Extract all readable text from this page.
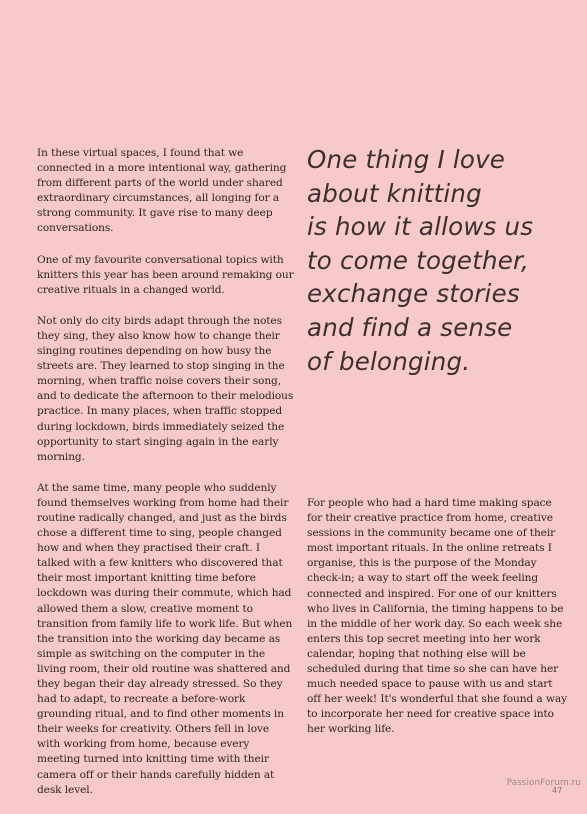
In these virtual spaces, I found that we connected in a more intentional way, gathering from different parts of the world under shared extraordinary circumstances, all longing for a strong community. It gave rise to many deep conversations.

One of my favourite conversational topics with knitters this year has been around remaking our creative rituals in a changed world.

Not only do city birds adapt through the notes they sing, they also know how to change their singing routines depending on how busy the streets are. They learned to stop singing in the morning, when traffic noise covers their song, and to dedicate the afternoon to their melodious practice. In many places, when traffic stopped during lockdown, birds immediately seized the opportunity to start singing again in the early morning.

At the same time, many people who suddenly found themselves working from home had their routine radically changed, and just as the birds chose a different time to sing, people changed how and when they practised their craft. I talked with a few knitters who discovered that their most important knitting time before lockdown was during their commute, which had allowed them a slow, creative moment to transition from family life to work life. But when the transition into the working day became as simple as switching on the computer in the living room, their old routine was shattered and they began their day already stressed. So they had to adapt, to recreate a before-work grounding ritual, and to find other moments in their weeks for creativity. Others fell in love with working from home, because every meeting turned into knitting time with their camera off or their hands carefully hidden at desk level.

One thing I love
about knitting
is how it allows us
to come together,
exchange stories
and find a sense
of belonging.

For people who had a hard time making space for their creative practice from home, creative sessions in the community became one of their most important rituals. In the online retreats I organise, this is the purpose of the Monday check-in; a way to start off the week feeling connected and inspired. For one of our knitters who lives in California, the timing happens to be in the middle of her work day. So each week she enters this top secret meeting into her work calendar, hoping that nothing else will be scheduled during that time so she can have her much needed space to pause with us and start off her week! It's wonderful that she found a way to incorporate her need for creative space into her working life.

47
PassionForum.ru
